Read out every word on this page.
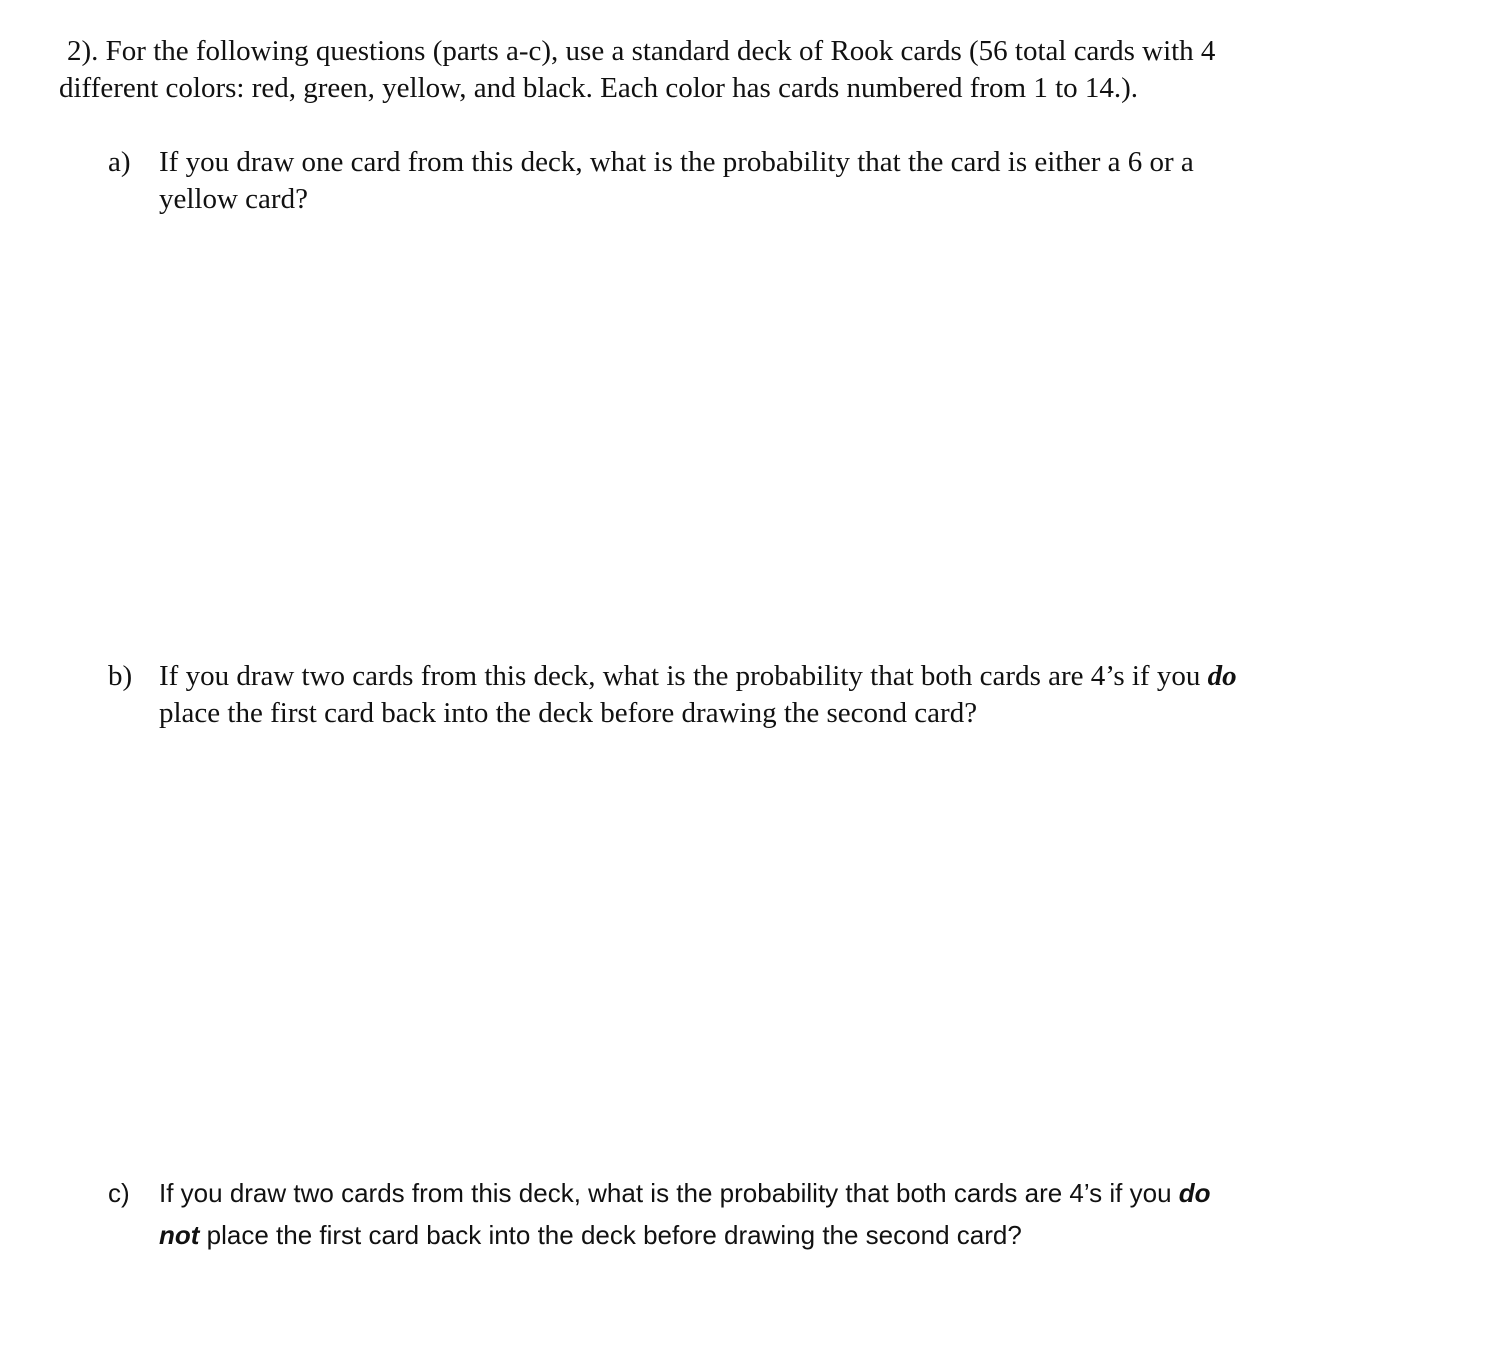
2). For the following questions (parts a-c), use a standard deck of Rook cards (56 total cards with 4
different colors: red, green, yellow, and black. Each color has cards numbered from 1 to 14.).
a) If you draw one card from this deck, what is the probability that the card is either a 6 or a
yellow card?
b) If you draw two cards from this deck, what is the probability that both cards are 4’s if you do
place the first card back into the deck before drawing the second card?
c) If you draw two cards from this deck, what is the probability that both cards are 4’s if you do
not place the first card back into the deck before drawing the second card?
